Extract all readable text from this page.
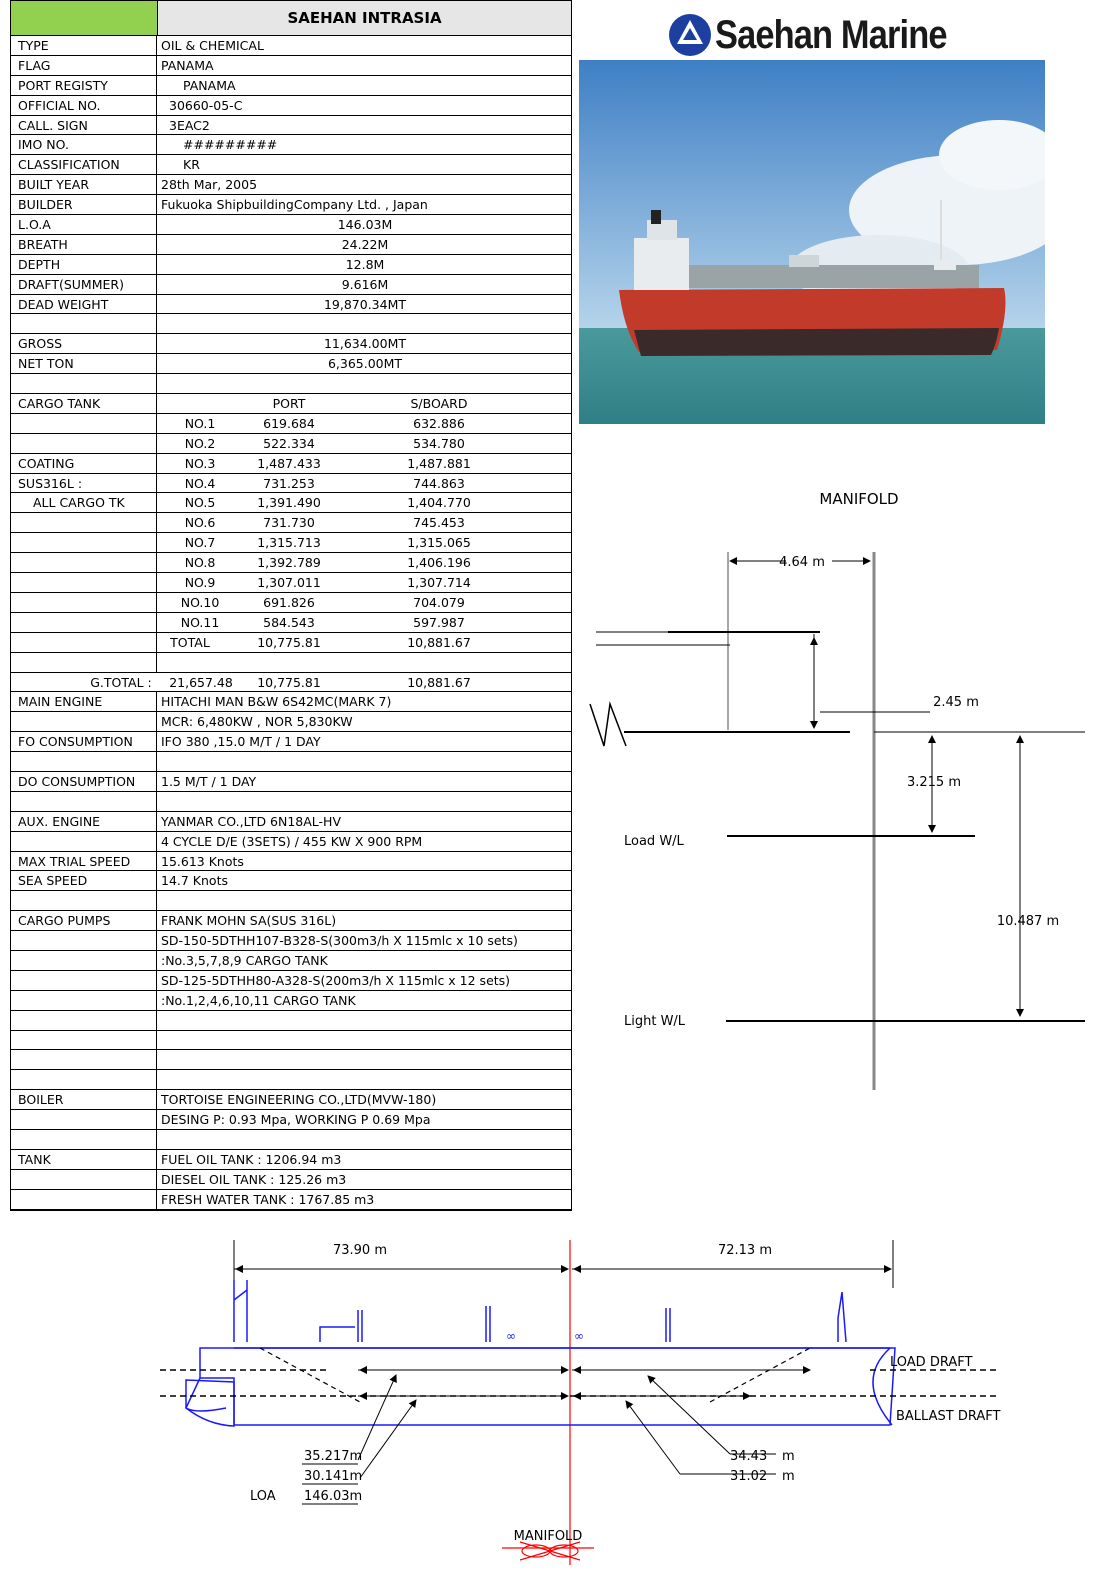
SAEHAN INTRASIA
TYPE	OIL & CHEMICAL
FLAG	PANAMA
PORT REGISTY	PANAMA
OFFICIAL NO.	30660-05-C
CALL. SIGN	3EAC2
IMO NO.	#########
CLASSIFICATION	KR
BUILT YEAR	28th Mar, 2005
BUILDER	Fukuoka ShipbuildingCompany Ltd. , Japan
L.O.A	146.03M
BREATH	24.22M
DEPTH	12.8M
DRAFT(SUMMER)	9.616M
DEAD WEIGHT	19,870.34MT
GROSS	11,634.00MT
NET TON	6,365.00MT
CARGO TANK	PORT	S/BOARD
NO.1	619.684	632.886
NO.2	522.334	534.780
COATING	NO.3	1,487.433	1,487.881
SUS316L :	NO.4	731.253	744.863
ALL CARGO TK	NO.5	1,391.490	1,404.770
NO.6	731.730	745.453
NO.7	1,315.713	1,315.065
NO.8	1,392.789	1,406.196
NO.9	1,307.011	1,307.714
NO.10	691.826	704.079
NO.11	584.543	597.987
TOTAL	10,775.81	10,881.67
G.TOTAL :	21,657.48	10,775.81	10,881.67
MAIN ENGINE	HITACHI MAN B&W 6S42MC(MARK 7)
MCR: 6,480KW , NOR 5,830KW
FO CONSUMPTION	IFO 380 ,15.0 M/T / 1 DAY
DO CONSUMPTION	1.5 M/T / 1 DAY
AUX. ENGINE	YANMAR CO.,LTD 6N18AL-HV
4 CYCLE D/E (3SETS) / 455 KW X 900 RPM
MAX TRIAL SPEED	15.613 Knots
SEA SPEED	14.7 Knots
CARGO PUMPS	FRANK MOHN SA(SUS 316L)
SD-150-5DTHH107-B328-S(300m3/h X 115mlc x 10 sets)
:No.3,5,7,8,9 CARGO TANK
SD-125-5DTHH80-A328-S(200m3/h X 115mlc x 12 sets)
:No.1,2,4,6,10,11 CARGO TANK
BOILER	TORTOISE ENGINEERING CO.,LTD(MVW-180)
DESING P: 0.93 Mpa, WORKING P 0.69 Mpa
TANK	FUEL OIL TANK : 1206.94 m3
DIESEL OIL TANK : 125.26 m3
FRESH WATER TANK : 1767.85 m3
Saehan Marine
MANIFOLD
4.64 m
2.45 m
3.215 m
Load W/L
10.487 m
Light W/L
73.90 m	72.13 m
∞	∞
LOAD DRAFT
BALLAST DRAFT
35.217m
30.141m
LOA 146.03m
34.43 m
31.02 m
MANIFOLD
